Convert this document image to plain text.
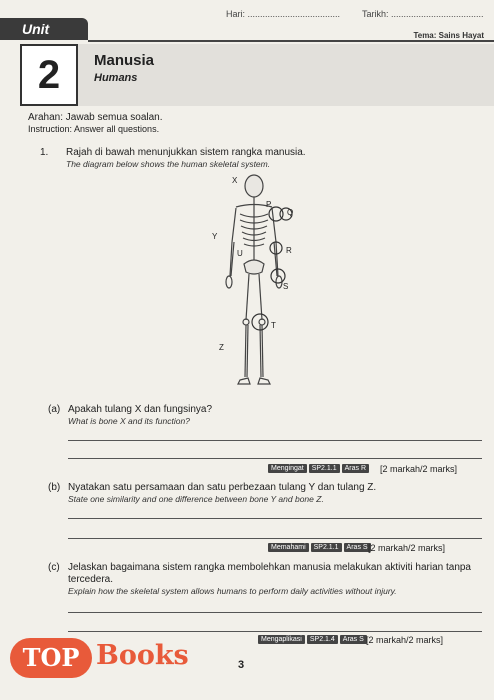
Unit
Hari: ..................................... Tarikh: .....................................
Tema: Sains Hayat
2	Manusia
Humans
Arahan: Jawab semua soalan.
Instruction: Answer all questions.
1. Rajah di bawah menunjukkan sistem rangka manusia.
The diagram below shows the human skeletal system.
X
P
Q
Y
U	R
S
T
Z
(a) Apakah tulang X dan fungsinya?
What is bone X and its function?
Mengingat	SP2.1.1	Aras R	[2 markah/2 marks]
(b) Nyatakan satu persamaan dan satu perbezaan tulang Y dan tulang Z.
State one similarity and one difference between bone Y and bone Z.
Memahami	SP2.1.1	Aras S [2 markah/2 marks]
(c) Jelaskan bagaimana sistem rangka membolehkan manusia melakukan aktiviti harian tanpa tercedera.
Explain how the skeletal system allows humans to perform daily activities without injury.
Mengaplikasi	SP2.1.4	Aras S [2 markah/2 marks]
3
TOP Books
